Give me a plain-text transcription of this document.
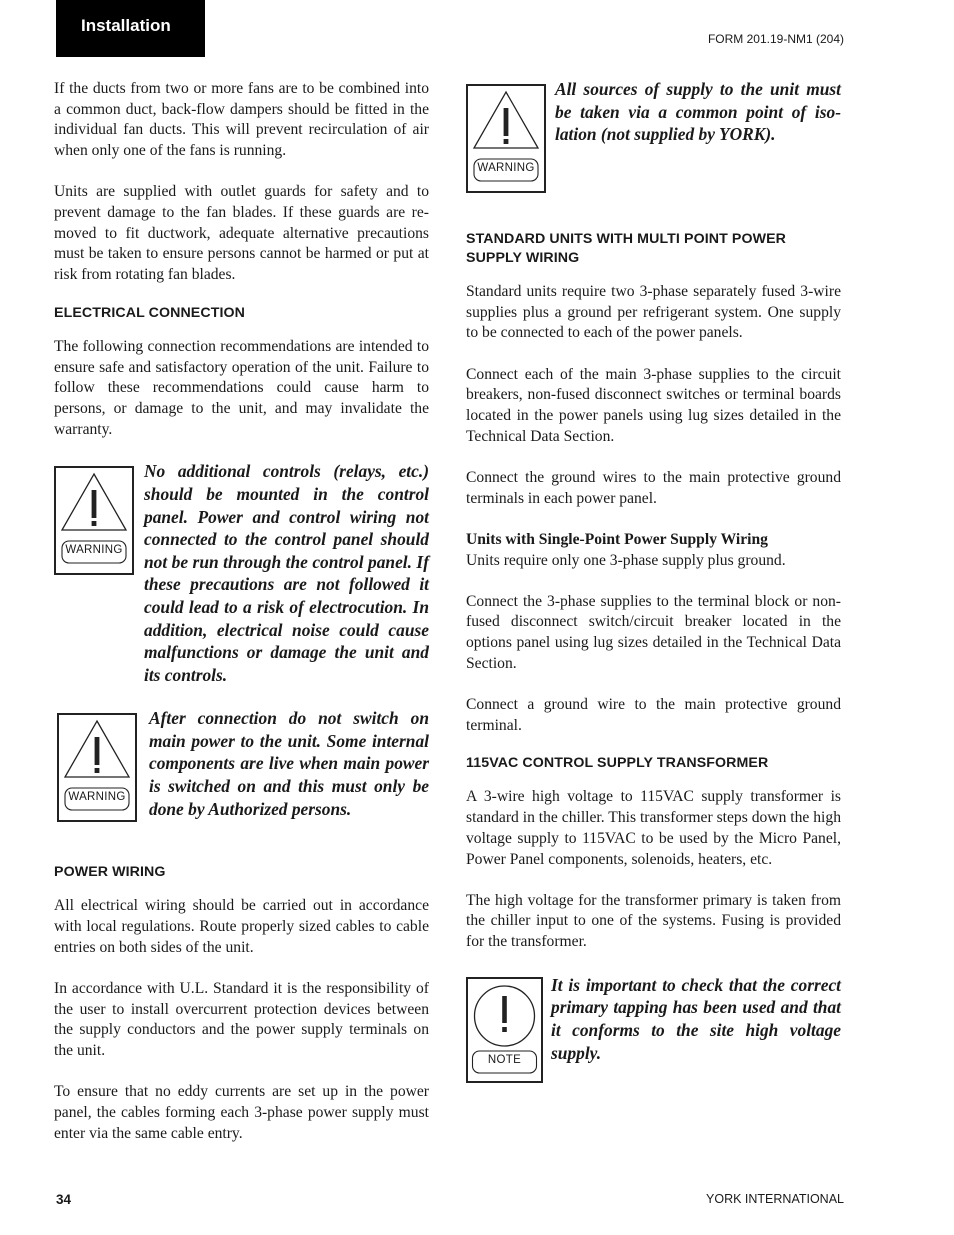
Installation
FORM 201.19-NM1 (204)

If the ducts from two or more fans are to be combined into a common duct, back-flow dampers should be fitted in the individual fan ducts. This will prevent recirculation of air when only one of the fans is running.

Units are supplied with outlet guards for safety and to prevent damage to the fan blades. If these guards are removed to fit ductwork, adequate alternative precautions must be taken to ensure persons cannot be harmed or put at risk from rotating fan blades.

ELECTRICAL CONNECTION

The following connection recommendations are intended to ensure safe and satisfactory operation of the unit. Failure to follow these recommendations could cause harm to persons, or damage to the unit, and may invalidate the warranty.

WARNING
No additional controls (relays, etc.) should be mounted in the control panel. Power and control wiring not connected to the control panel should not be run through the control panel. If these precautions are not followed it could lead to a risk of electrocution. In addition, electrical noise could cause malfunctions or damage the unit and its controls.
WARNING
After connection do not switch on main power to the unit. Some internal components are live when main power is switched on and this must only be done by Authorized persons.
POWER WIRING

All electrical wiring should be carried out in accordance with local regulations. Route properly sized cables to cable entries on both sides of the unit.

In accordance with U.L. Standard it is the responsibility of the user to install overcurrent protection devices between the supply conductors and the power supply terminals on the unit.

To ensure that no eddy currents are set up in the power panel, the cables forming each 3-phase power supply must enter via the same cable entry.

WARNING
All sources of supply to the unit must be taken via a common point of isolation (not supplied by YORK).
STANDARD UNITS WITH MULTI POINT POWER SUPPLY WIRING

Standard units require two 3-phase separately fused 3-wire supplies plus a ground per refrigerant system. One supply to be connected to each of the power panels.

Connect each of the main 3-phase supplies to the circuit breakers, non-fused disconnect switches or terminal boards located in the power panels using lug sizes detailed in the Technical Data Section.

Connect the ground wires to the main protective ground terminals in each power panel.

Units with Single-Point Power Supply Wiring

Units require only one 3-phase supply plus ground.

Connect the 3-phase supplies to the terminal block or non-fused disconnect switch/circuit breaker located in the options panel using lug sizes detailed in the Technical Data Section.

Connect a ground wire to the main protective ground terminal.

115VAC CONTROL SUPPLY TRANSFORMER

A 3-wire high voltage to 115VAC supply transformer is standard in the chiller. This transformer steps down the high voltage supply to 115VAC to be used by the Micro Panel, Power Panel components, solenoids, heaters, etc.

The high voltage for the transformer primary is taken from the chiller input to one of the systems. Fusing is provided for the transformer.

NOTE
It is important to check that the correct primary tapping has been used and that it conforms to the site high voltage supply.
34	YORK INTERNATIONAL
